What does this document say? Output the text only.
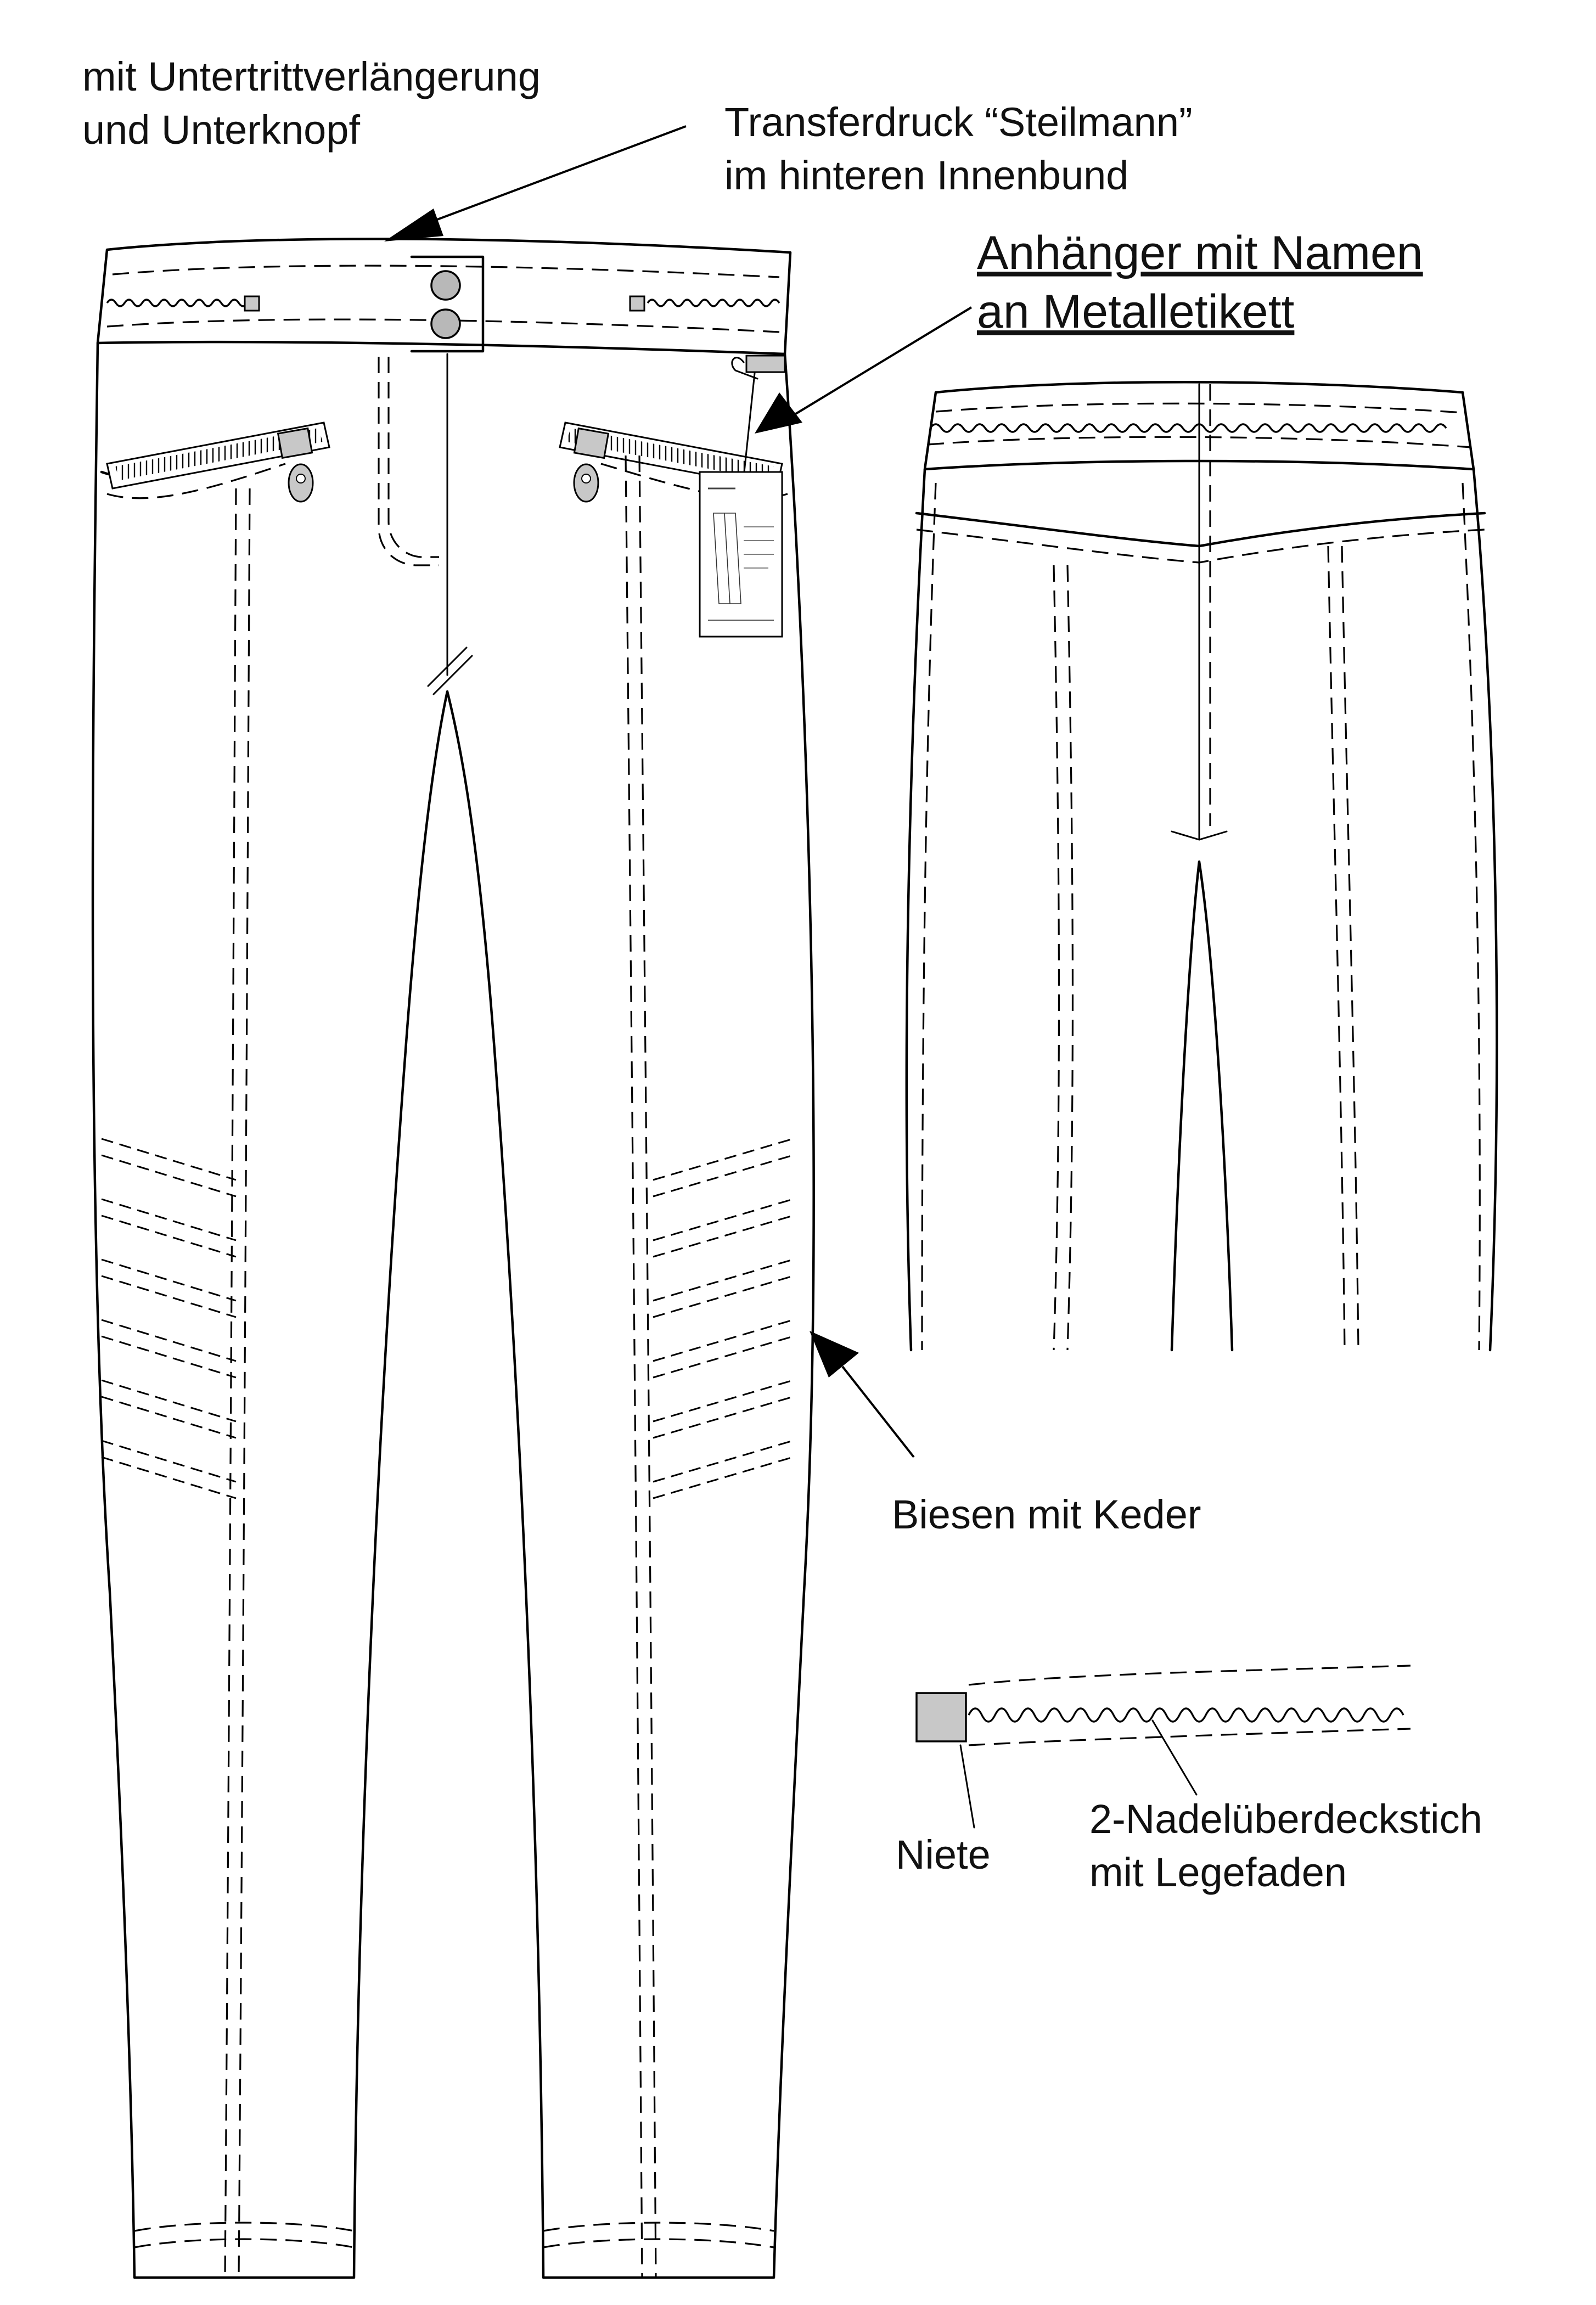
mit Untertrittverlängerung
und Unterknopf	Transferdruck “Steilmann”
im hinteren Innenbund
Anhänger mit Namen
an Metalletikett
Biesen mit Keder
Niete
2-Nadelüberdeckstich
mit Legefaden
